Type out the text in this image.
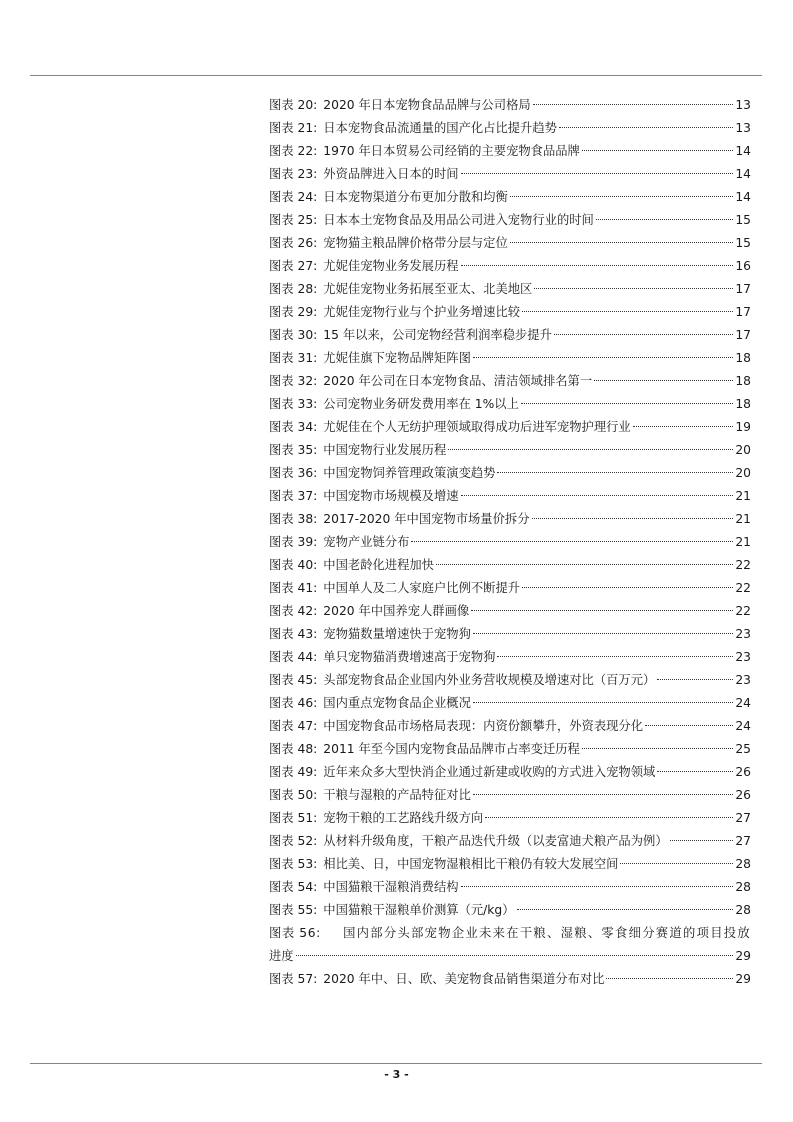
图表 20: 2020 年日本宠物食品品牌与公司格局	13
图表 21: 日本宠物食品流通量的国产化占比提升趋势	13
图表 22: 1970 年日本贸易公司经销的主要宠物食品品牌	14
图表 23: 外资品牌进入日本的时间	14
图表 24: 日本宠物渠道分布更加分散和均衡	14
图表 25: 日本本土宠物食品及用品公司进入宠物行业的时间	15
图表 26: 宠物猫主粮品牌价格带分层与定位	15
图表 27: 尤妮佳宠物业务发展历程	16
图表 28: 尤妮佳宠物业务拓展至亚太、北美地区	17
图表 29: 尤妮佳宠物行业与个护业务增速比较	17
图表 30: 15 年以来，公司宠物经营利润率稳步提升	17
图表 31: 尤妮佳旗下宠物品牌矩阵图	18
图表 32: 2020 年公司在日本宠物食品、清洁领域排名第一	18
图表 33: 公司宠物业务研发费用率在 1%以上	18
图表 34: 尤妮佳在个人无纺护理领域取得成功后进军宠物护理行业	19
图表 35: 中国宠物行业发展历程	20
图表 36: 中国宠物饲养管理政策演变趋势	20
图表 37: 中国宠物市场规模及增速	21
图表 38: 2017-2020 年中国宠物市场量价拆分	21
图表 39: 宠物产业链分布	21
图表 40: 中国老龄化进程加快	22
图表 41: 中国单人及二人家庭户比例不断提升	22
图表 42: 2020 年中国养宠人群画像	22
图表 43: 宠物猫数量增速快于宠物狗	23
图表 44: 单只宠物猫消费增速高于宠物狗	23
图表 45: 头部宠物食品企业国内外业务营收规模及增速对比（百万元）	23
图表 46: 国内重点宠物食品企业概况	24
图表 47: 中国宠物食品市场格局表现：内资份额攀升，外资表现分化	24
图表 48: 2011 年至今国内宠物食品品牌市占率变迁历程	25
图表 49: 近年来众多大型快消企业通过新建或收购的方式进入宠物领域	26
图表 50: 干粮与湿粮的产品特征对比	26
图表 51: 宠物干粮的工艺路线升级方向	27
图表 52: 从材料升级角度，干粮产品迭代升级（以麦富迪犬粮产品为例）	27
图表 53: 相比美、日，中国宠物湿粮相比干粮仍有较大发展空间	28
图表 54: 中国猫粮干湿粮消费结构	28
图表 55: 中国猫粮干湿粮单价测算（元/kg）	28
图表 56: 国内部分头部宠物企业未来在干粮、湿粮、零食细分赛道的项目投放
进度	29
图表 57: 2020 年中、日、欧、美宠物食品销售渠道分布对比	29
- 3 -
